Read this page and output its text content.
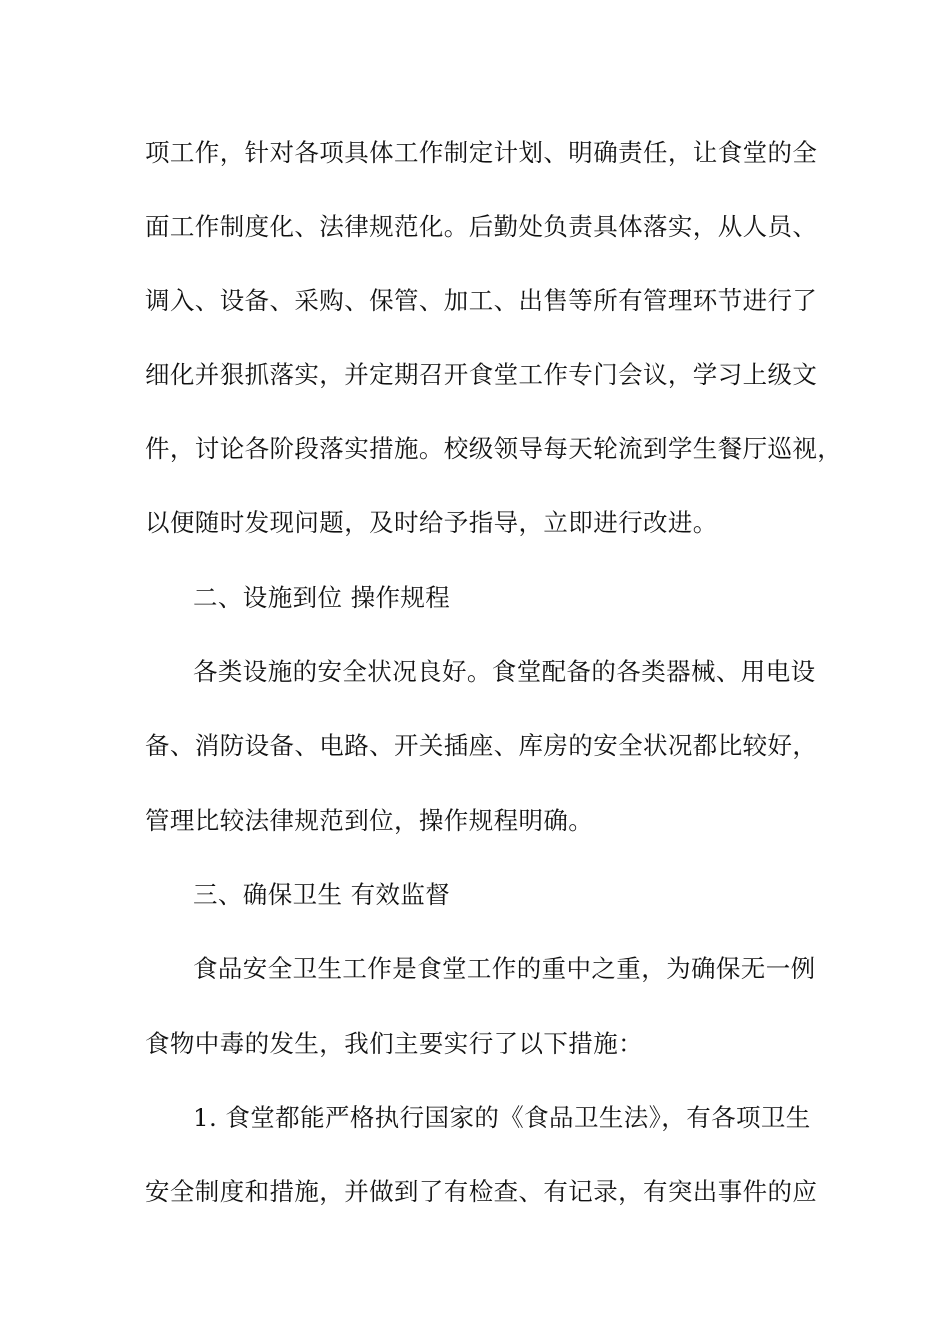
项工作，针对各项具体工作制定计划、明确责任，让食堂的全
面工作制度化、法律规范化。后勤处负责具体落实，从人员、
调入、设备、采购、保管、加工、出售等所有管理环节进行了
细化并狠抓落实，并定期召开食堂工作专门会议，学习上级文
件，讨论各阶段落实措施。校级领导每天轮流到学生餐厅巡视，
以便随时发现问题，及时给予指导，立即进行改进。
二、设施到位 操作规程
各类设施的安全状况良好。食堂配备的各类器械、用电设
备、消防设备、电路、开关插座、库房的安全状况都比较好，
管理比较法律规范到位，操作规程明确。
三、确保卫生 有效监督
食品安全卫生工作是食堂工作的重中之重，为确保无一例
食物中毒的发生，我们主要实行了以下措施：
1. 食堂都能严格执行国家的《食品卫生法》，有各项卫生
安全制度和措施，并做到了有检查、有记录，有突出事件的应
